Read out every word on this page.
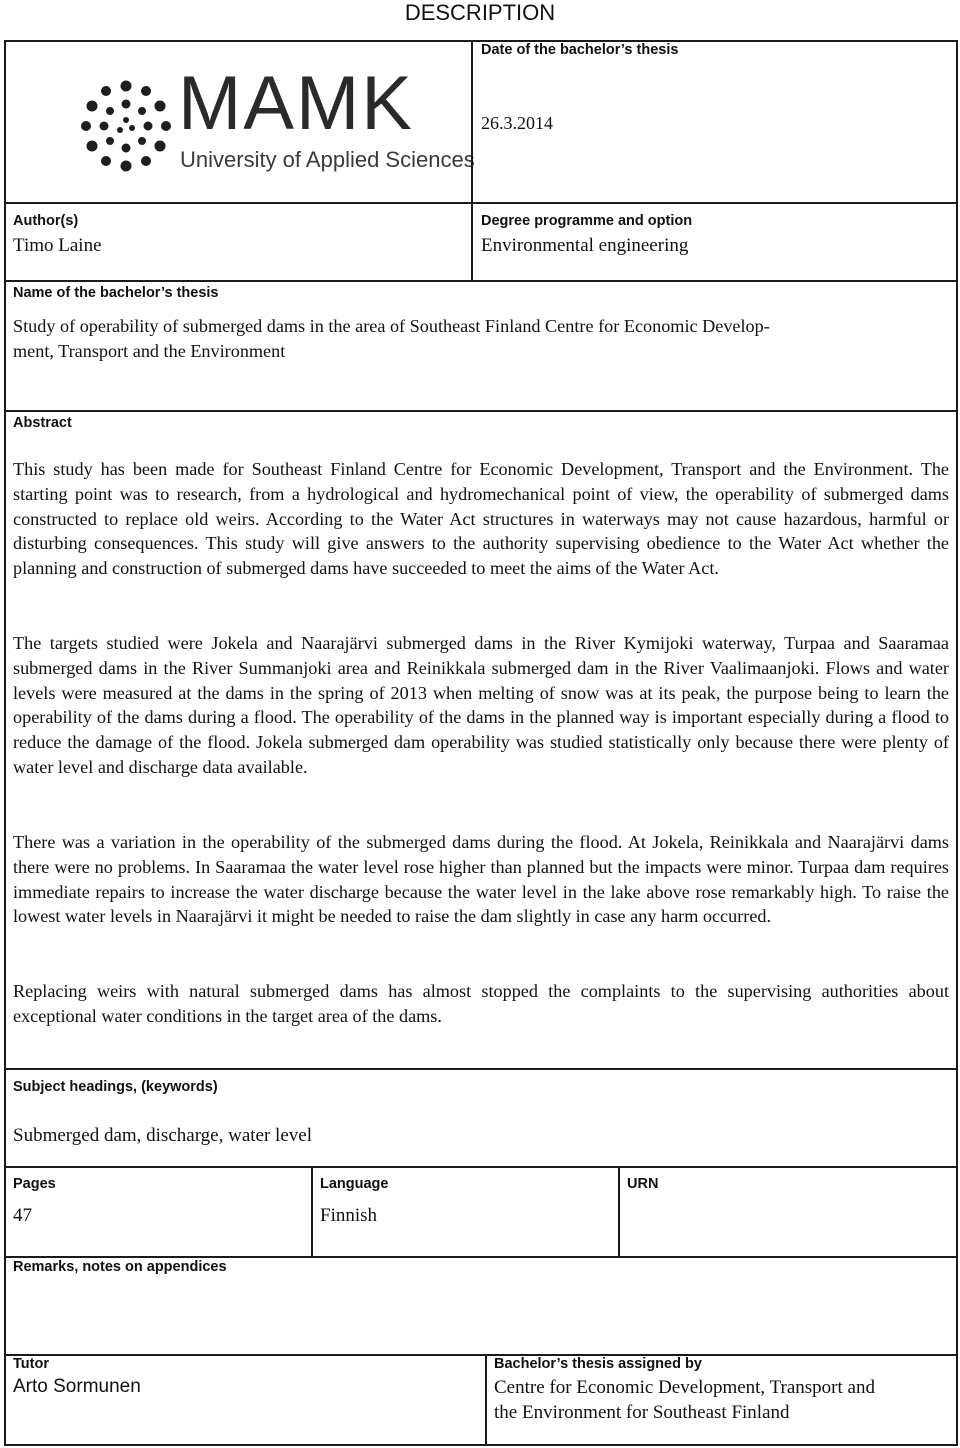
DESCRIPTION
MAMK
University of Applied Sciences
Date of the bachelor’s thesis
26.3.2014
Author(s)
Timo Laine
Degree programme and option
Environmental engineering
Name of the bachelor’s thesis
Study of operability of submerged dams in the area of Southeast Finland Centre for Economic Develop-
ment, Transport and the Environment
Abstract

This study has been made for Southeast Finland Centre for Economic Development, Transport and the Environment. The starting point was to research, from a hydrological and hydromechanical point of view, the operability of submerged dams constructed to replace old weirs. According to the Water Act structures in waterways may not cause hazardous, harmful or disturbing consequences. This study will give answers to the authority supervising obedience to the Water Act whether the planning and construction of submerged dams have succeeded to meet the aims of the Water Act.

The targets studied were Jokela and Naarajärvi submerged dams in the River Kymijoki waterway, Turpaa and Saaramaa submerged dams in the River Summanjoki area and Reinikkala submerged dam in the River Vaalimaanjoki. Flows and water levels were measured at the dams in the spring of 2013 when melting of snow was at its peak, the purpose being to learn the operability of the dams during a flood. The operability of the dams in the planned way is important especially during a flood to reduce the damage of the flood. Jokela submerged dam operability was studied statistically only because there were plenty of water level and discharge data available.

There was a variation in the operability of the submerged dams during the flood. At Jokela, Reinikkala and Naarajärvi dams there were no problems. In Saaramaa the water level rose higher than planned but the impacts were minor. Turpaa dam requires immediate repairs to increase the water discharge because the water level in the lake above rose remarkably high. To raise the lowest water levels in Naarajärvi it might be needed to raise the dam slightly in case any harm occurred.

Replacing weirs with natural submerged dams has almost stopped the complaints to the supervising authorities about exceptional water conditions in the target area of the dams.

Subject headings, (keywords)
Submerged dam, discharge, water level
Pages
47
Language
Finnish
URN
Remarks, notes on appendices
Tutor
Arto Sormunen
Bachelor’s thesis assigned by
Centre for Economic Development, Transport and
the Environment for Southeast Finland
